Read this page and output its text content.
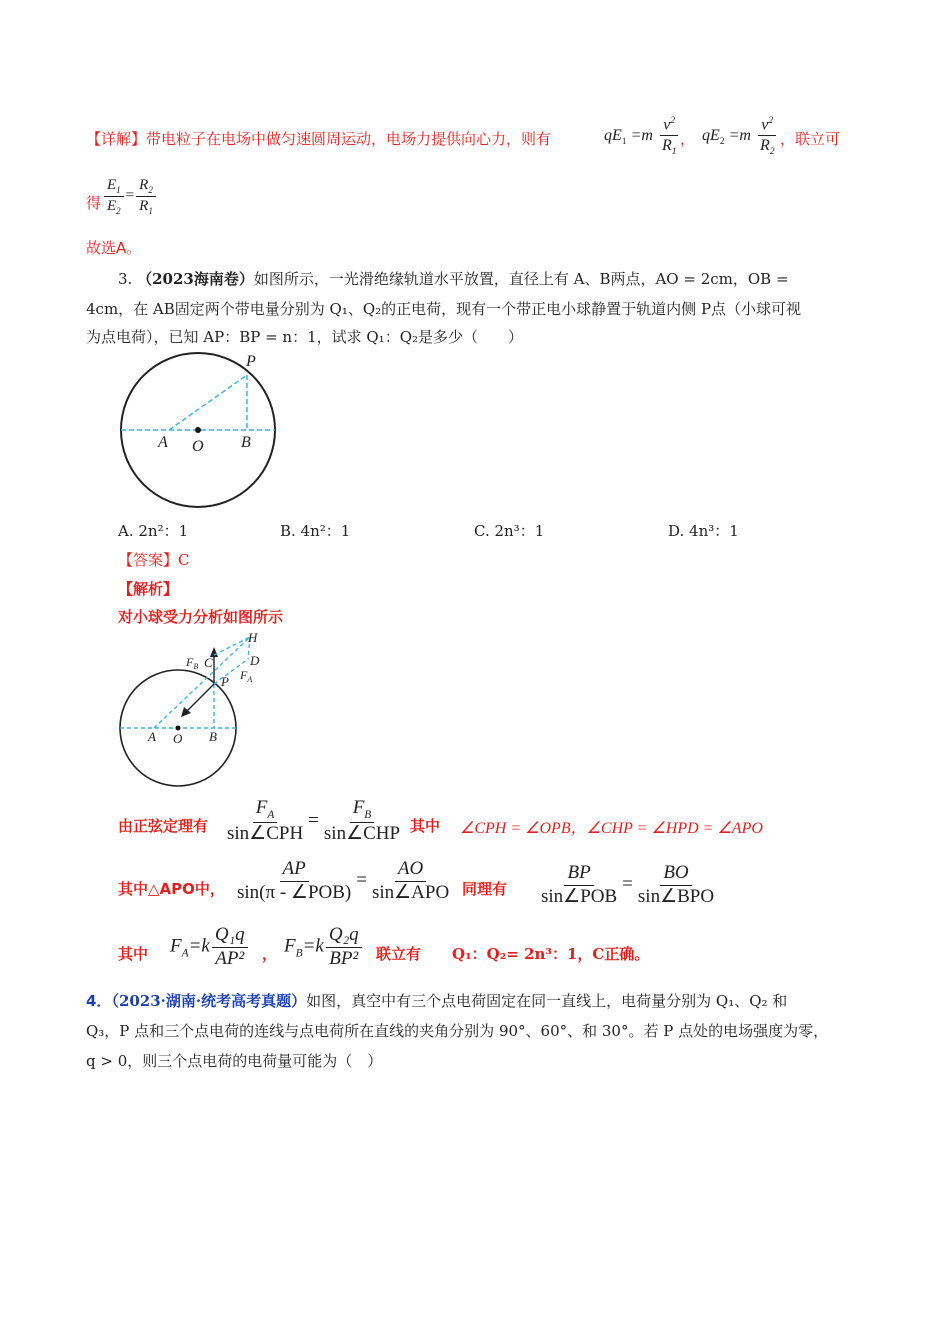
【详解】带电粒子在电场中做匀速圆周运动，电场力提供向心力，则有	$qE_1 =m \frac{v^2}{R_1}$ ， $qE_2 =m \frac{v^2}{R_2}$ ，联立可
得 $\frac{E_1}{E_2} = \frac{R_2}{R_1}$
故选A。
3. （2023海南卷）如图所示，一光滑绝缘轨道水平放置，直径上有 A、B两点，AO = 2cm，OB =
4cm，在 AB固定两个带电量分别为 Q₁、Q₂的正电荷，现有一个带正电小球静置于轨道内侧 P点（小球可视
为点电荷），已知 AP：BP = n：1，试求 Q₁：Q₂是多少（　　）
P
A O B
A. 2n²：1	B. 4n²：1	C. 2n³：1	D. 4n³：1
【答案】C
【解析】
对小球受力分析如图所示
H
C	D
$F_B$
$F_A$
P
A O B
由正弦定理有 $\frac{F_A}{\text{sin∠CPH}} = \frac{F_B}{\text{sin∠CHP}}$ 其中 ∠CPH = ∠OPB，∠CHP = ∠HPD = ∠APO
其中△APO中， $\frac{AP}{\text{sin(π - ∠POB)}} = \frac{AO}{\text{sin∠APO}}$ 同理有 $\frac{BP}{\text{sin∠POB}} = \frac{BO}{\text{sin∠BPO}}$
其中 $F_A=k \frac{\text{Q₁q}}{\text{AP²}}$ ， $F_B=k \frac{\text{Q₂q}}{\text{BP²}}$ 联立有 Q₁：Q₂= 2n³：1，C正确。
4．（2023·湖南·统考高考真题）如图，真空中有三个点电荷固定在同一直线上，电荷量分别为 Q₁、Q₂ 和
Q₃，P 点和三个点电荷的连线与点电荷所在直线的夹角分别为 90°、60°、和 30°。若 P 点处的电场强度为零，
q > 0，则三个点电荷的电荷量可能为（　）
